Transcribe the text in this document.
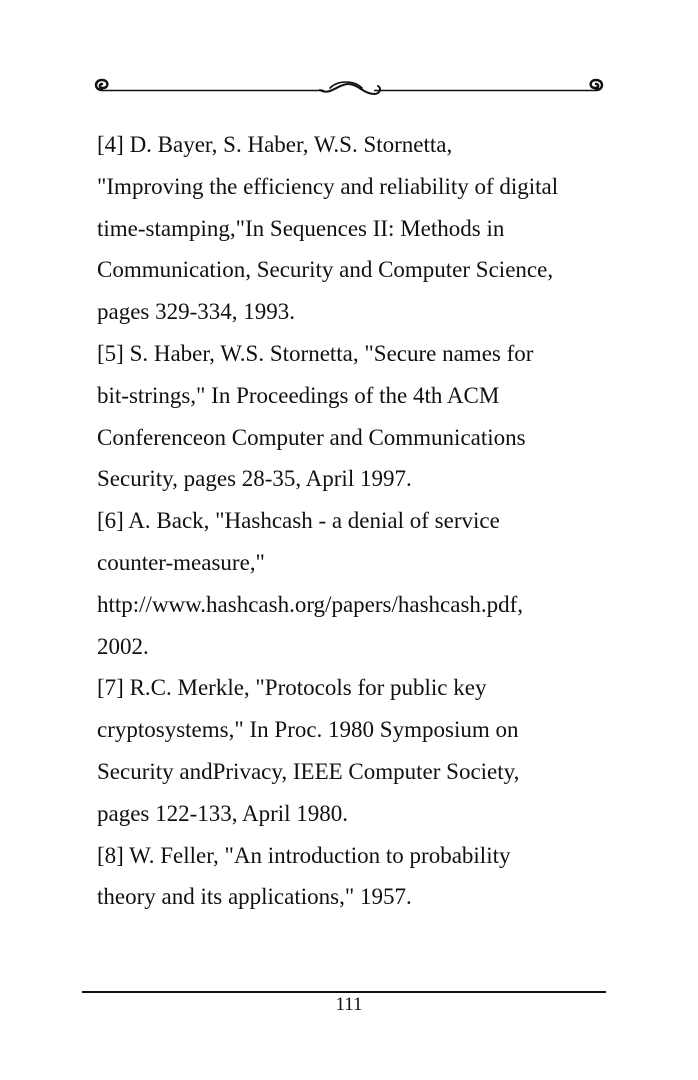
[4] D. Bayer, S. Haber, W.S. Stornetta,
"Improving the efficiency and reliability of digital
time-stamping,"In Sequences II: Methods in
Communication, Security and Computer Science,
pages 329-334, 1993.
[5] S. Haber, W.S. Stornetta, "Secure names for
bit-strings," In Proceedings of the 4th ACM
Conferenceon Computer and Communications
Security, pages 28-35, April 1997.
[6] A. Back, "Hashcash - a denial of service
counter-measure,"
http://www.hashcash.org/papers/hashcash.pdf,
2002.
[7] R.C. Merkle, "Protocols for public key
cryptosystems," In Proc. 1980 Symposium on
Security andPrivacy, IEEE Computer Society,
pages 122-133, April 1980.
[8] W. Feller, "An introduction to probability
theory and its applications," 1957.
111
